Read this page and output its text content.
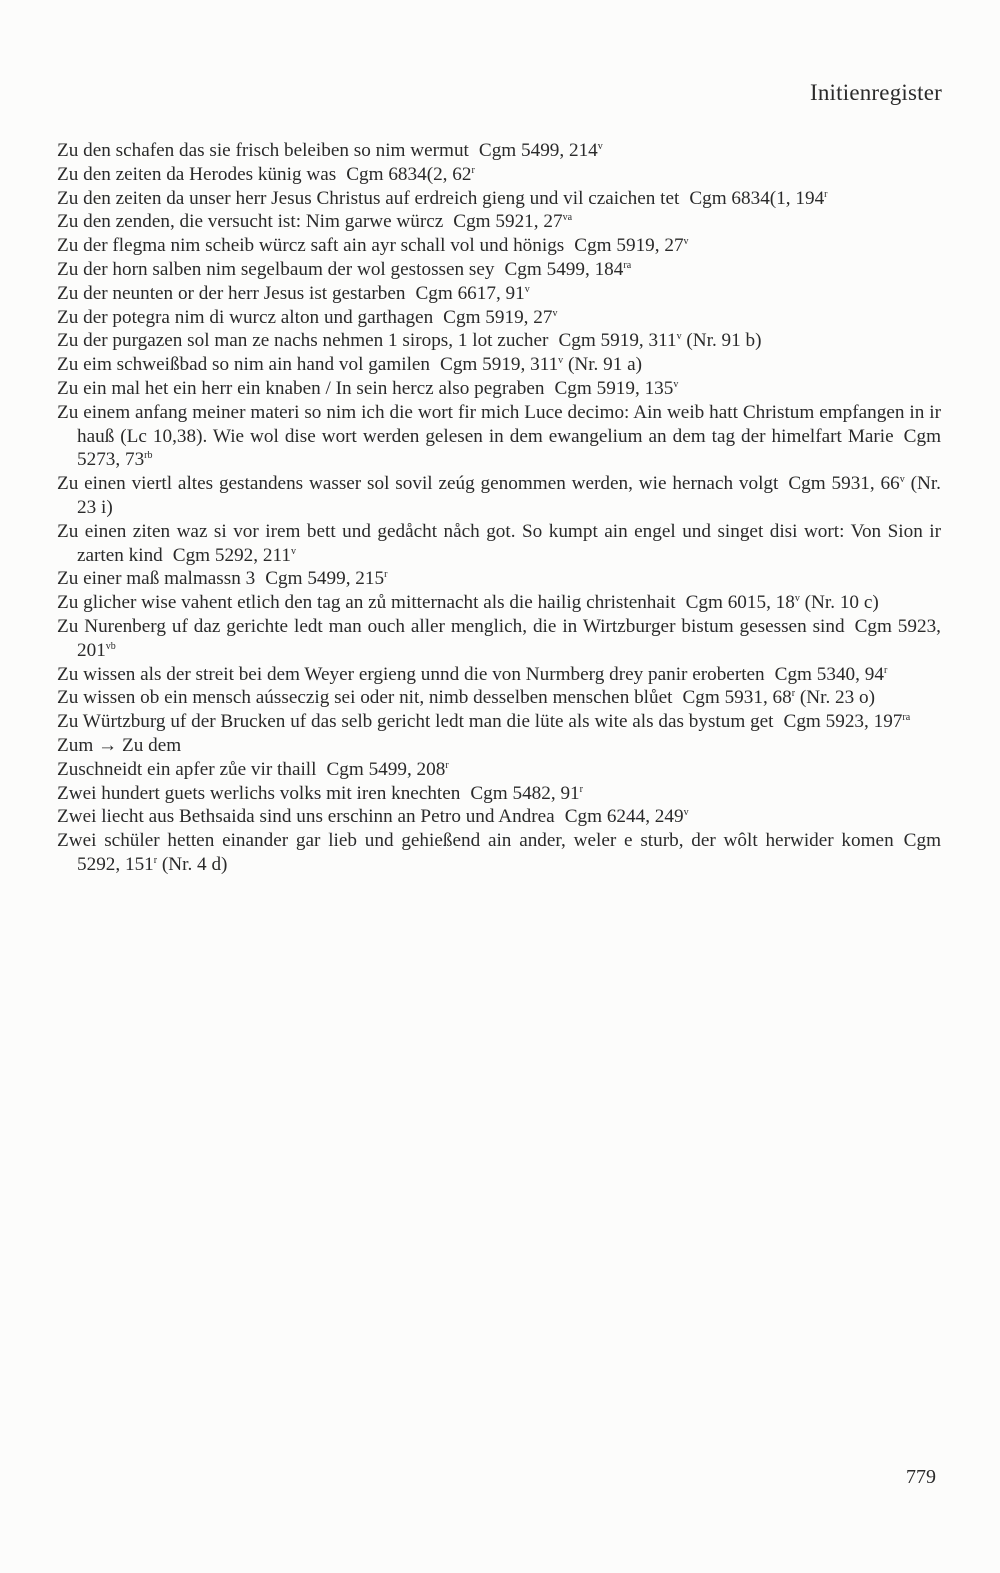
Initienregister
Zu den schafen das sie frisch beleiben so nim wermut Cgm 5499, 214$^v$
Zu den zeiten da Herodes künig was Cgm 6834(2, 62$^r$
Zu den zeiten da unser herr Jesus Christus auf erdreich gieng und vil czaichen tet Cgm 6834(1, 194$^r$
Zu den zenden, die versucht ist: Nim garwe würcz Cgm 5921, $27^{va}$
Zu der flegma nim scheib würcz saft ain ayr schall vol und hönigs Cgm 5919, 27$^v$
Zu der horn salben nim segelbaum der wol gestossen sey Cgm 5499, $184^{ra}$
Zu der neunten or der herr Jesus ist gestarben Cgm 6617, 91$^v$
Zu der potegra nim di wurcz alton und garthagen Cgm 5919, 27$^v$
Zu der purgazen sol man ze nachs nehmen 1 sirops, 1 lot zucher Cgm 5919, 311$^v$ (Nr. 91 b)
Zu eim schweißbad so nim ain hand vol gamilen Cgm 5919, 311$^v$ (Nr. 91 a)
Zu ein mal het ein herr ein knaben / In sein hercz also pegraben Cgm 5919, 135$^v$
Zu einem anfang meiner materi so nim ich die wort fir mich Luce decimo: Ain weib hatt Christum empfangen in ir hauß (Lc 10,38). Wie wol dise wort werden gelesen in dem ewangelium an dem tag der himelfart Marie Cgm 5273, $73^{rb}$
Zu einen viertl altes gestandens wasser sol sovil zeúg genommen werden, wie hernach volgt Cgm 5931, 66$^v$ (Nr. 23 i)
Zu einen ziten waz si vor irem bett und gedåcht nåch got. So kumpt ain engel und singet disi wort: Von Sion ir zarten kind Cgm 5292, 211$^v$
Zu einer maß malmassn 3 Cgm 5499, 215$^r$
Zu glicher wise vahent etlich den tag an zů mitternacht als die hailig christenhait Cgm 6015, 18$^v$ (Nr. 10 c)
Zu Nurenberg uf daz gerichte ledt man ouch aller menglich, die in Wirtzburger bistum gesessen sind Cgm 5923, $201^{vb}$
Zu wissen als der streit bei dem Weyer ergieng unnd die von Nurmberg drey panir eroberten Cgm 5340, 94$^r$
Zu wissen ob ein mensch aússeczig sei oder nit, nimb desselben menschen blůet Cgm 5931, 68$^r$ (Nr. 23 o)
Zu Würtzburg uf der Brucken uf das selb gericht ledt man die lüte als wite als das bystum get Cgm 5923, $197^{ra}$
Zum → Zu dem
Zuschneidt ein apfer zůe vir thaill Cgm 5499, 208$^r$
Zwei hundert guets werlichs volks mit iren knechten Cgm 5482, 91$^r$
Zwei liecht aus Bethsaida sind uns erschinn an Petro und Andrea Cgm 6244, 249$^v$
Zwei schüler hetten einander gar lieb und gehießend ain ander, weler e sturb, der wôlt herwider komen Cgm 5292, 151$^r$ (Nr. 4 d)
779
